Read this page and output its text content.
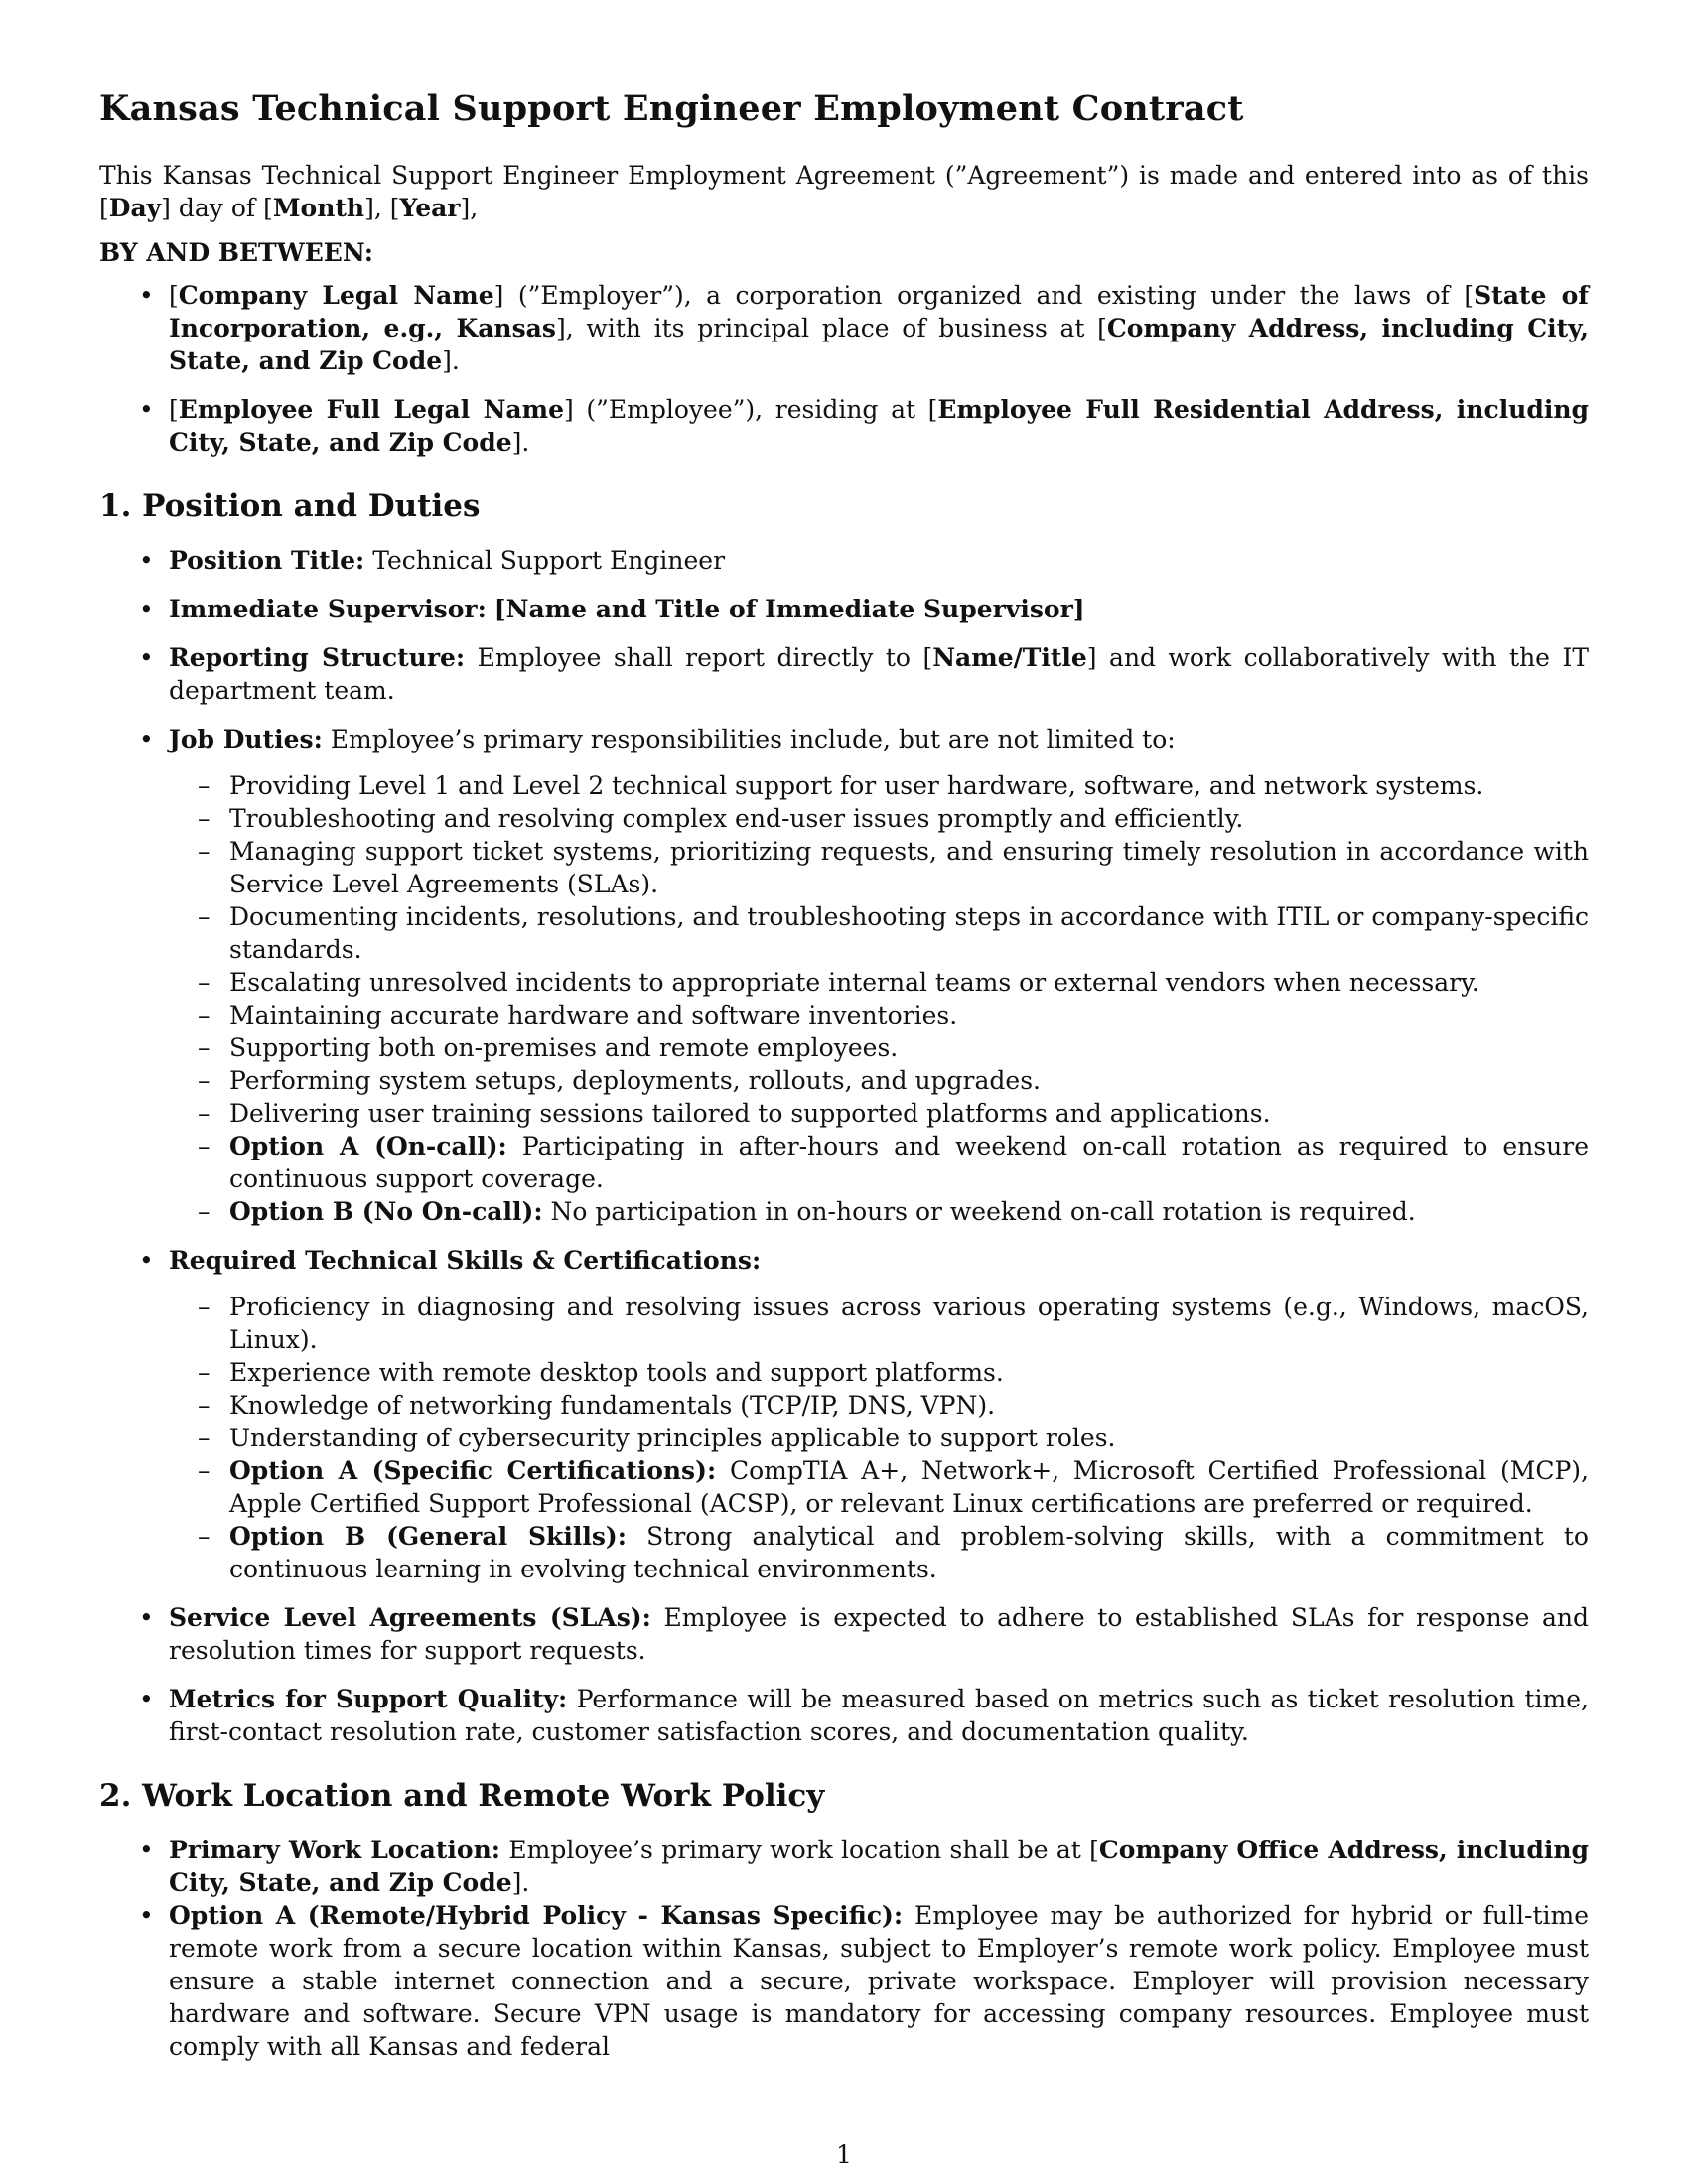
Kansas Technical Support Engineer Employment Contract

This Kansas Technical Support Engineer Employment Agreement (”Agreement”) is made and entered into as of this [Day] day of [Month], [Year],

BY AND BETWEEN:
• [Company Legal Name] (”Employer”), a corporation organized and existing under the laws of [State of Incorporation, e.g., Kansas], with its principal place of business at [Company Address, including City, State, and Zip Code].
• [Employee Full Legal Name] (”Employee”), residing at [Employee Full Residential Address, including City, State, and Zip Code].
1. Position and Duties
• Position Title: Technical Support Engineer
• Immediate Supervisor: [Name and Title of Immediate Supervisor]
• Reporting Structure: Employee shall report directly to [Name/Title] and work collaboratively with the IT department team.
• Job Duties: Employee’s primary responsibilities include, but are not limited to:
– Providing Level 1 and Level 2 technical support for user hardware, software, and network systems.
– Troubleshooting and resolving complex end-user issues promptly and efficiently.
– Managing support ticket systems, prioritizing requests, and ensuring timely resolution in accordance with Service Level Agreements (SLAs).
– Documenting incidents, resolutions, and troubleshooting steps in accordance with ITIL or company-specific standards.
– Escalating unresolved incidents to appropriate internal teams or external vendors when necessary.
– Maintaining accurate hardware and software inventories.
– Supporting both on-premises and remote employees.
– Performing system setups, deployments, rollouts, and upgrades.
– Delivering user training sessions tailored to supported platforms and applications.
– Option A (On-call): Participating in after-hours and weekend on-call rotation as required to ensure continuous support coverage.
– Option B (No On-call): No participation in on-hours or weekend on-call rotation is required.
• Required Technical Skills & Certifications:
– Proficiency in diagnosing and resolving issues across various operating systems (e.g., Windows, macOS, Linux).
– Experience with remote desktop tools and support platforms.
– Knowledge of networking fundamentals (TCP/IP, DNS, VPN).
– Understanding of cybersecurity principles applicable to support roles.
– Option A (Specific Certifications): CompTIA A+, Network+, Microsoft Certified Professional (MCP), Apple Certified Support Professional (ACSP), or relevant Linux certifications are preferred or required.
– Option B (General Skills): Strong analytical and problem-solving skills, with a commitment to continuous learning in evolving technical environments.
• Service Level Agreements (SLAs): Employee is expected to adhere to established SLAs for response and resolution times for support requests.
• Metrics for Support Quality: Performance will be measured based on metrics such as ticket resolution time, first-contact resolution rate, customer satisfaction scores, and documentation quality.
2. Work Location and Remote Work Policy
• Primary Work Location: Employee’s primary work location shall be at [Company Office Address, including City, State, and Zip Code].
• Option A (Remote/Hybrid Policy - Kansas Specific): Employee may be authorized for hybrid or full-time remote work from a secure location within Kansas, subject to Employer’s remote work policy. Employee must ensure a stable internet connection and a secure, private workspace. Employer will provision necessary hardware and software. Secure VPN usage is mandatory for accessing company resources. Employee must comply with all Kansas and federal
1
